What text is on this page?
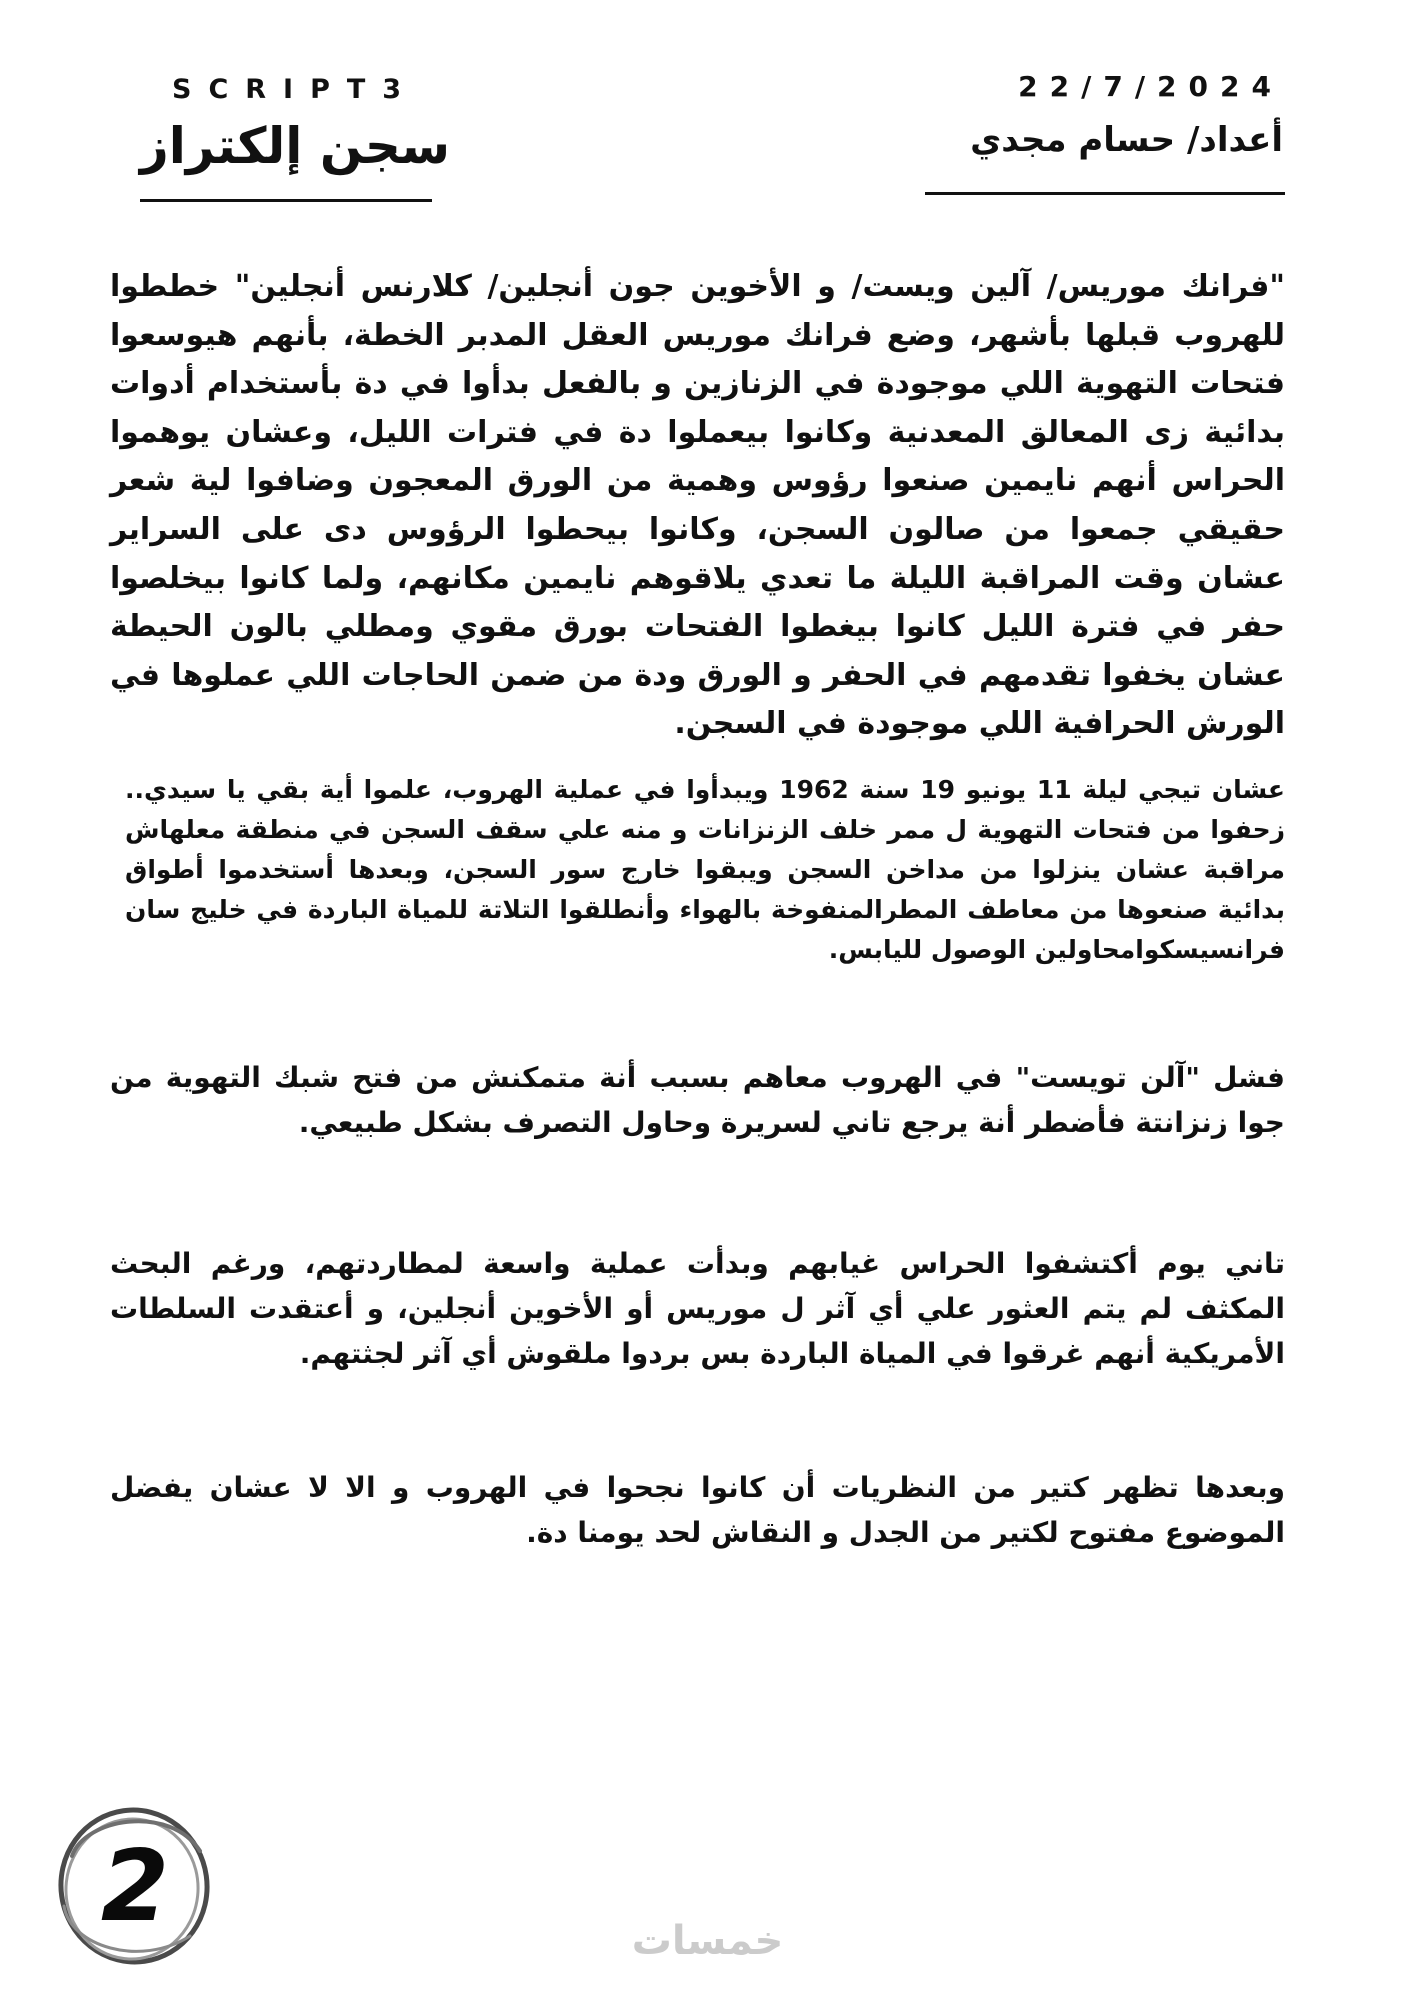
SCRIPT3
سجن إلكتراز
22/7/2024
أعداد/ حسام مجدي

"فرانك موريس/ آلين ويست/ و الأخوين جون أنجلين/ كلارنس أنجلين" خططوا للهروب قبلها بأشهر، وضع فرانك موريس العقل المدبر الخطة، بأنهم هيوسعوا فتحات التهوية اللي موجودة في الزنازين و بالفعل بدأوا في دة بأستخدام أدوات بدائية زى المعالق المعدنية وكانوا بيعملوا دة في فترات الليل، وعشان يوهموا الحراس أنهم نايمين صنعوا رؤوس وهمية من الورق المعجون وضافوا لية شعر حقيقي جمعوا من صالون السجن، وكانوا بيحطوا الرؤوس دى على السراير عشان وقت المراقبة الليلة ما تعدي يلاقوهم نايمين مكانهم، ولما كانوا بيخلصوا حفر في فترة الليل كانوا بيغطوا الفتحات بورق مقوي ومطلي بالون الحيطة عشان يخفوا تقدمهم في الحفر و الورق ودة من ضمن الحاجات اللي عملوها في الورش الحرافية اللي موجودة في السجن.

عشان تيجي ليلة 11 يونيو 19 سنة 1962 ويبدأوا في عملية الهروب، علموا أية بقي يا سيدي.. زحفوا من فتحات التهوية ل ممر خلف الزنزانات و منه علي سقف السجن في منطقة معلهاش مراقبة عشان ينزلوا من مداخن السجن ويبقوا خارج سور السجن، وبعدها أستخدموا أطواق بدائية صنعوها من معاطف المطرالمنفوخة بالهواء وأنطلقوا التلاتة للمياة الباردة في خليج سان فرانسيسكوامحاولين الوصول لليابس.

فشل "آلن تويست" في الهروب معاهم بسبب أنة متمكنش من فتح شبك التهوية من جوا زنزانتة فأضطر أنة يرجع تاني لسريرة وحاول التصرف بشكل طبيعي.

تاني يوم أكتشفوا الحراس غيابهم وبدأت عملية واسعة لمطاردتهم، ورغم البحث المكثف لم يتم العثور علي أي آثر ل موريس أو الأخوين أنجلين، و أعتقدت السلطات الأمريكية أنهم غرقوا في المياة الباردة بس بردوا ملقوش أي آثر لجثتهم.

وبعدها تظهر كتير من النظريات أن كانوا نجحوا في الهروب و الا لا عشان يفضل الموضوع مفتوح لكتير من الجدل و النقاش لحد يومنا دة.

2	خمسات
